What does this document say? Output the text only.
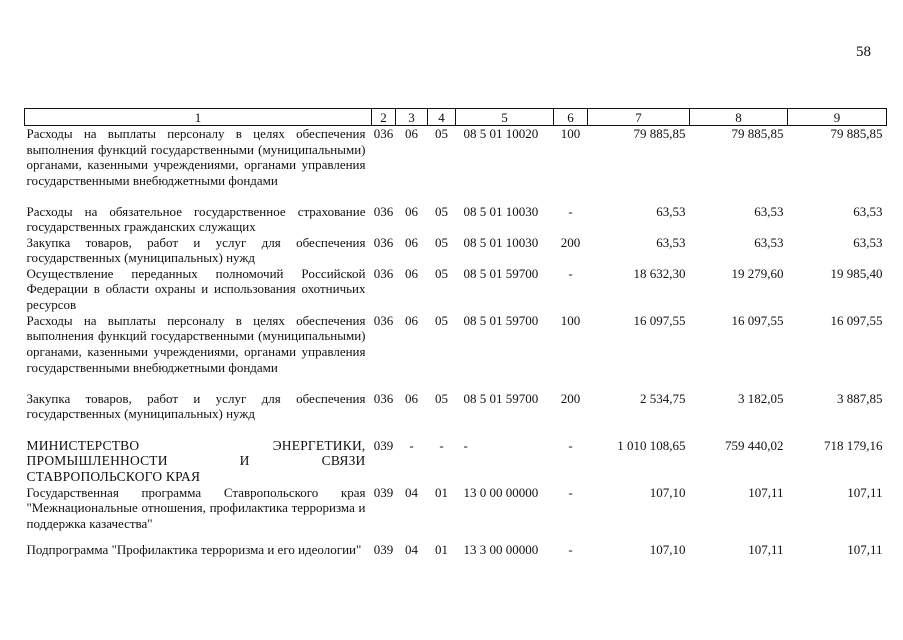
58
1	2	3	4	5	6	7	8	9
Расходы на выплаты персоналу в целях обеспечения выполнения функций государственными (муниципальными) органами, казенными учреждениями, органами управления государственными внебюджетными фондами	036	06	05	08 5 01 10020	100	79 885,85	79 885,85	79 885,85
Расходы на обязательное государственное страхование государственных гражданских служащих	036	06	05	08 5 01 10030	-	63,53	63,53	63,53
Закупка товаров, работ и услуг для обеспечения государственных (муниципальных) нужд	036	06	05	08 5 01 10030	200	63,53	63,53	63,53
Осуществление переданных полномочий Российской Федерации в области охраны и использования охотничьих ресурсов	036	06	05	08 5 01 59700	-	18 632,30	19 279,60	19 985,40
Расходы на выплаты персоналу в целях обеспечения выполнения функций государственными (муниципальными) органами, казенными учреждениями, органами управления государственными внебюджетными фондами	036	06	05	08 5 01 59700	100	16 097,55	16 097,55	16 097,55
Закупка товаров, работ и услуг для обеспечения государственных (муниципальных) нужд	036	06	05	08 5 01 59700	200	2 534,75	3 182,05	3 887,85
МИНИСТЕРСТВО ЭНЕРГЕТИКИ, ПРОМЫШЛЕННОСТИ И СВЯЗИ СТАВРОПОЛЬСКОГО КРАЯ	039	-	-	-	-	1 010 108,65	759 440,02	718 179,16
Государственная программа Ставропольского края "Межнациональные отношения, профилактика терроризма и поддержка казачества"	039	04	01	13 0 00 00000	-	107,10	107,11	107,11
Подпрограмма "Профилактика терроризма и его идеологии"	039	04	01	13 3 00 00000	-	107,10	107,11	107,11
